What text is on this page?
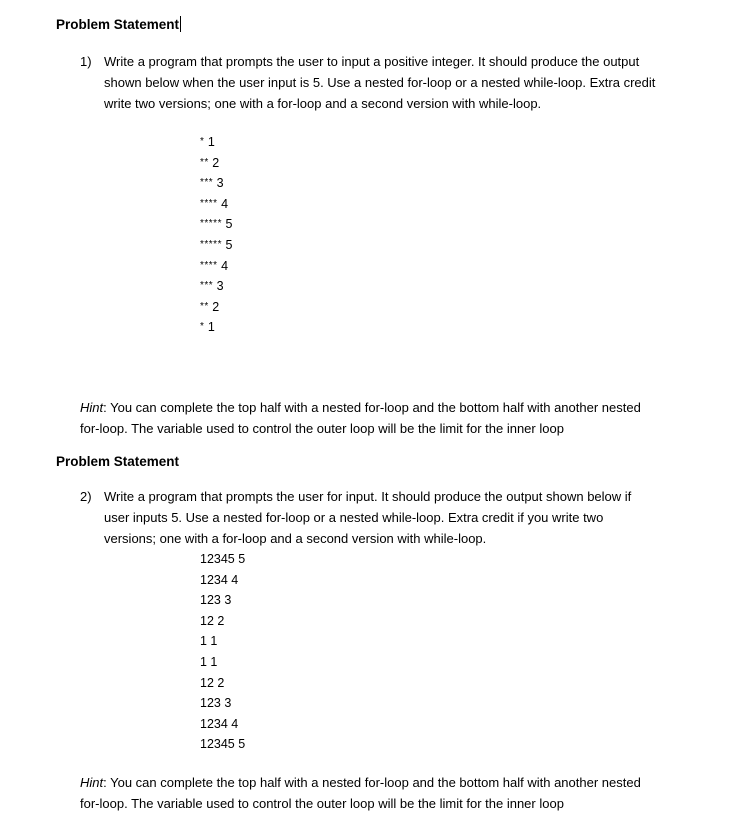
Problem Statement
1) Write a program that prompts the user to input a positive integer. It should produce the output
shown below when the user input is 5. Use a nested for-loop or a nested while-loop. Extra credit
write two versions; one with a for-loop and a second version with while-loop.
* 1
** 2
*** 3
**** 4
***** 5
***** 5
**** 4
*** 3
** 2
* 1
Hint: You can complete the top half with a nested for-loop and the bottom half with another nested
for-loop. The variable used to control the outer loop will be the limit for the inner loop
Problem Statement
2) Write a program that prompts the user for input. It should produce the output shown below if
user inputs 5. Use a nested for-loop or a nested while-loop. Extra credit if you write two
versions; one with a for-loop and a second version with while-loop.
12345 5
1234 4
123 3
12 2
1 1
1 1
12 2
123 3
1234 4
12345 5
Hint: You can complete the top half with a nested for-loop and the bottom half with another nested
for-loop. The variable used to control the outer loop will be the limit for the inner loop
